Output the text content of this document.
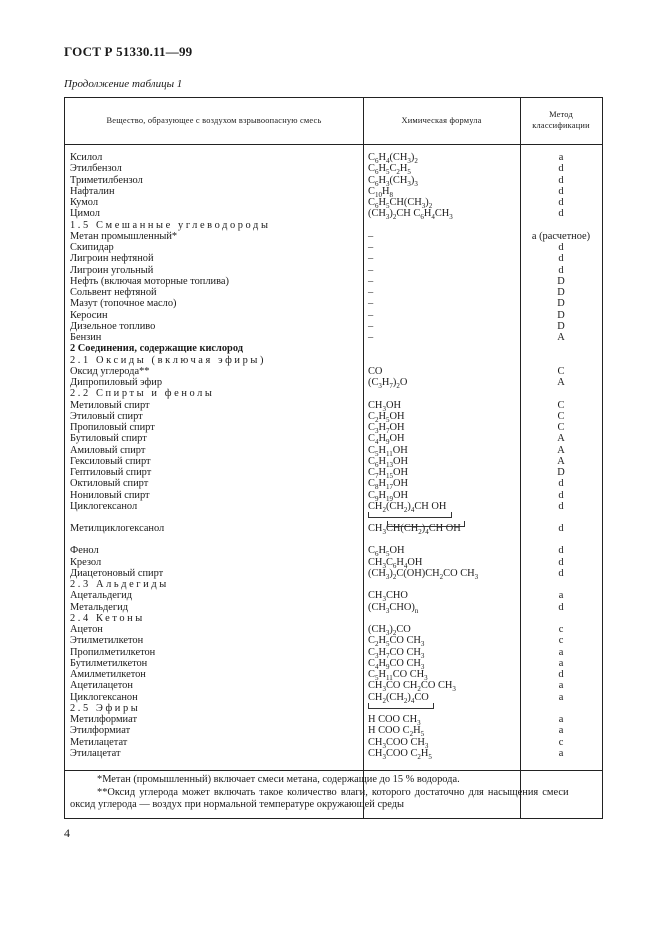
ГОСТ Р 51330.11—99
Продолжение таблицы 1
Вещество, образующее с воздухом взрывоопасную смесь	Химическая формула
Метод
классификации
Ксилол	$C_6H_4(CH_3)_2$	a
Этилбензол	$C_6H_5C_2H_5$	d
Триметилбензол	$C_6H_3(CH_3)_3$	d
Нафталин	$C_{10}H_8$	d
Кумол	$C_6H_5CH(CH_3)_2$	d
Цимол	$(CH_3)_2CH$ $C_6H_4CH_3$	d
1.5 Смешанные углеводороды
Метан промышленный*	–	a (расчетное)
Скипидар	–	d
Лигроин нефтяной	–	d
Лигроин угольный	–	d
Нефть (включая моторные топлива)	–	D
Сольвент нефтяной	–	D
Мазут (топочное масло)	–	D
Керосин	–	D
Дизельное топливо	–	D
Бензин	–	A
2 Соединения, содержащие кислород
2.1 Оксиды (включая эфиры)
Оксид углерода**	CO	C
Дипропиловый эфир	$(C_3H_7)_2O$	A
2.2 Спирты и фенолы
Метиловый спирт	$CH_3OH$	C
Этиловый спирт	$C_2H_5OH$	C
Пропиловый спирт	$C_3H_7OH$	C
Бутиловый спирт	$C_4H_9OH$	A
Амиловый спирт	$C_5H_{11}OH$	A
Гексиловый спирт	$C_6H_{13}OH$	A
Гептиловый спирт	$C_7H_{15}OH$	D
Октиловый спирт	$C_8H_{17}OH$	d
Нониловый спирт	$C_9H_{19}OH$	d
Циклогексанол	$CH_2(CH_2)_4CH$ OH	d
Метилциклогексанол	$CH_3CH(CH_2)_4CH$ OH	d
Фенол	$C_6H_5OH$	d
Крезол	$CH_3C_6H_4OH$	d
Диацетоновый спирт	$(CH_3)_2C(OH)CH_2CO$ $CH_3$	d
2.3 Альдегиды
Ацетальдегид	$CH_3CHO$	a
Метальдегид	$(CH_3CHO)_n$	d
2.4 Кетоны
Ацетон	$(CH_3)_2CO$	c
Этилметилкетон	$C_2H_5CO$ $CH_3$	c
Пропилметилкетон	$C_3H_7CO$ $CH_3$	a
Бутилметилкетон	$C_4H_9CO$ $CH_3$	a
Амилметилкетон	$C_5H_{11}CO$ $CH_3$	d
Ацетилацетон	$CH_3CO$ $CH_2CO$ $CH_3$	a
Циклогексанон	$CH_2(CH_2)_4CO$	a
2.5 Эфиры
Метилформиат	H COO $CH_3$	a
Этилформиат	H COO $C_2H_5$	a
Метилацетат	$CH_3COO$ $CH_3$	c
Этилацетат	$CH_3COO$ $C_2H_5$	a
*Метан (промышленный) включает смеси метана, содержащие до 15 % водорода.
**Оксид углерода может включать такое количество влаги, которого достаточно для насыщения смеси
оксид углерода — воздух при нормальной температуре окружающей среды
4
